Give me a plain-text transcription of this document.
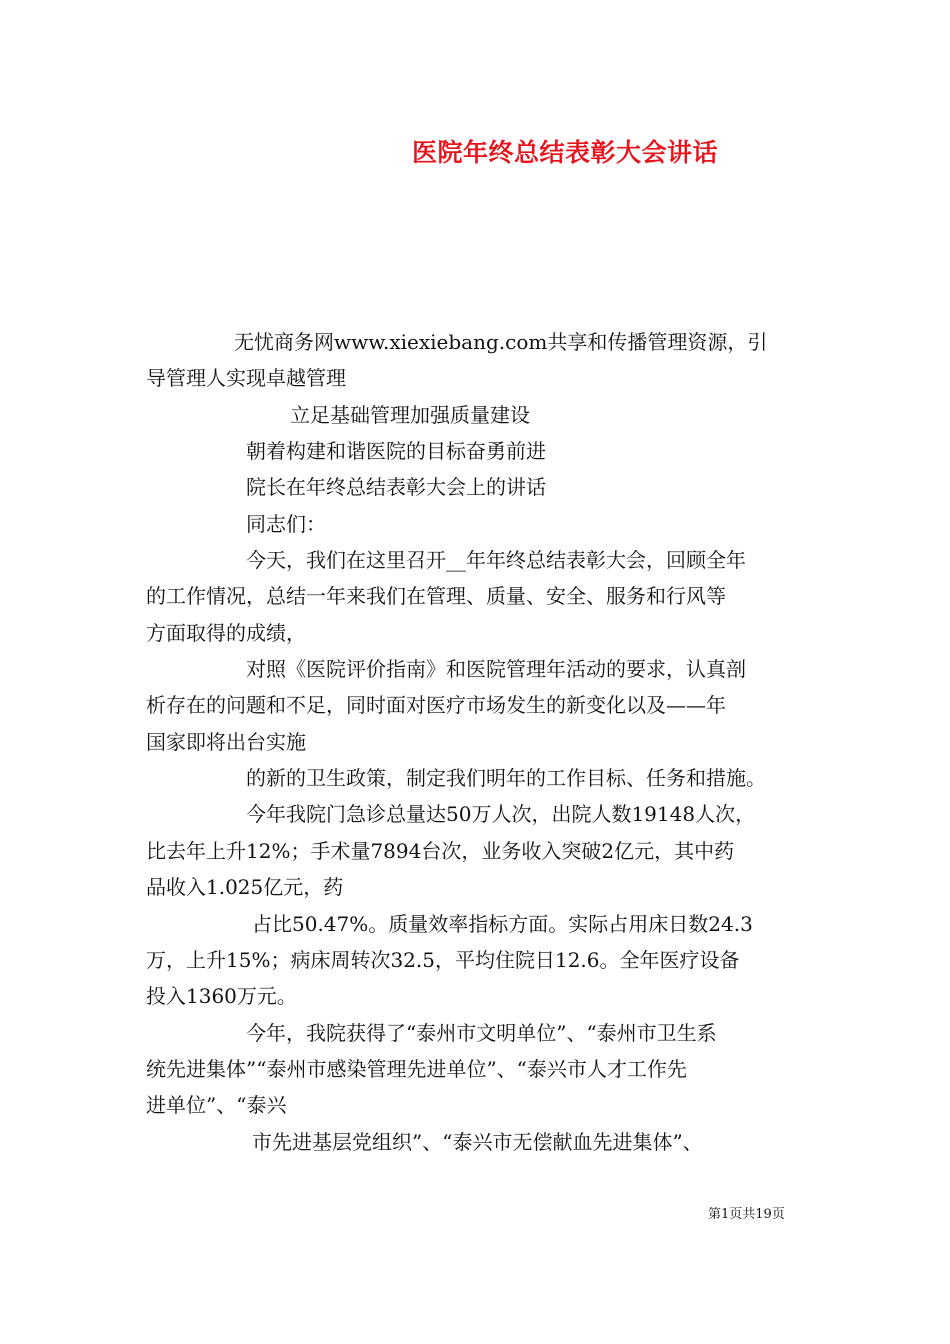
医院年终总结表彰大会讲话
无忧商务网www.xiexiebang.com共享和传播管理资源，引
导管理人实现卓越管理
立足基础管理加强质量建设
朝着构建和谐医院的目标奋勇前进
院长在年终总结表彰大会上的讲话
同志们：
今天，我们在这里召开__年年终总结表彰大会，回顾全年
的工作情况，总结一年来我们在管理、质量、安全、服务和行风等
方面取得的成绩，
对照《医院评价指南》和医院管理年活动的要求，认真剖
析存在的问题和不足，同时面对医疗市场发生的新变化以及——年
国家即将出台实施
的新的卫生政策，制定我们明年的工作目标、任务和措施。
今年我院门急诊总量达50万人次，出院人数19148人次，
比去年上升12%；手术量7894台次，业务收入突破2亿元，其中药
品收入1.025亿元，药
占比50.47%。质量效率指标方面。实际占用床日数24.3
万，上升15%；病床周转次32.5，平均住院日12.6。全年医疗设备
投入1360万元。
今年，我院获得了“泰州市文明单位”、“泰州市卫生系
统先进集体”“泰州市感染管理先进单位”、“泰兴市人才工作先
进单位”、“泰兴
市先进基层党组织”、“泰兴市无偿献血先进集体”、
第1页共19页
